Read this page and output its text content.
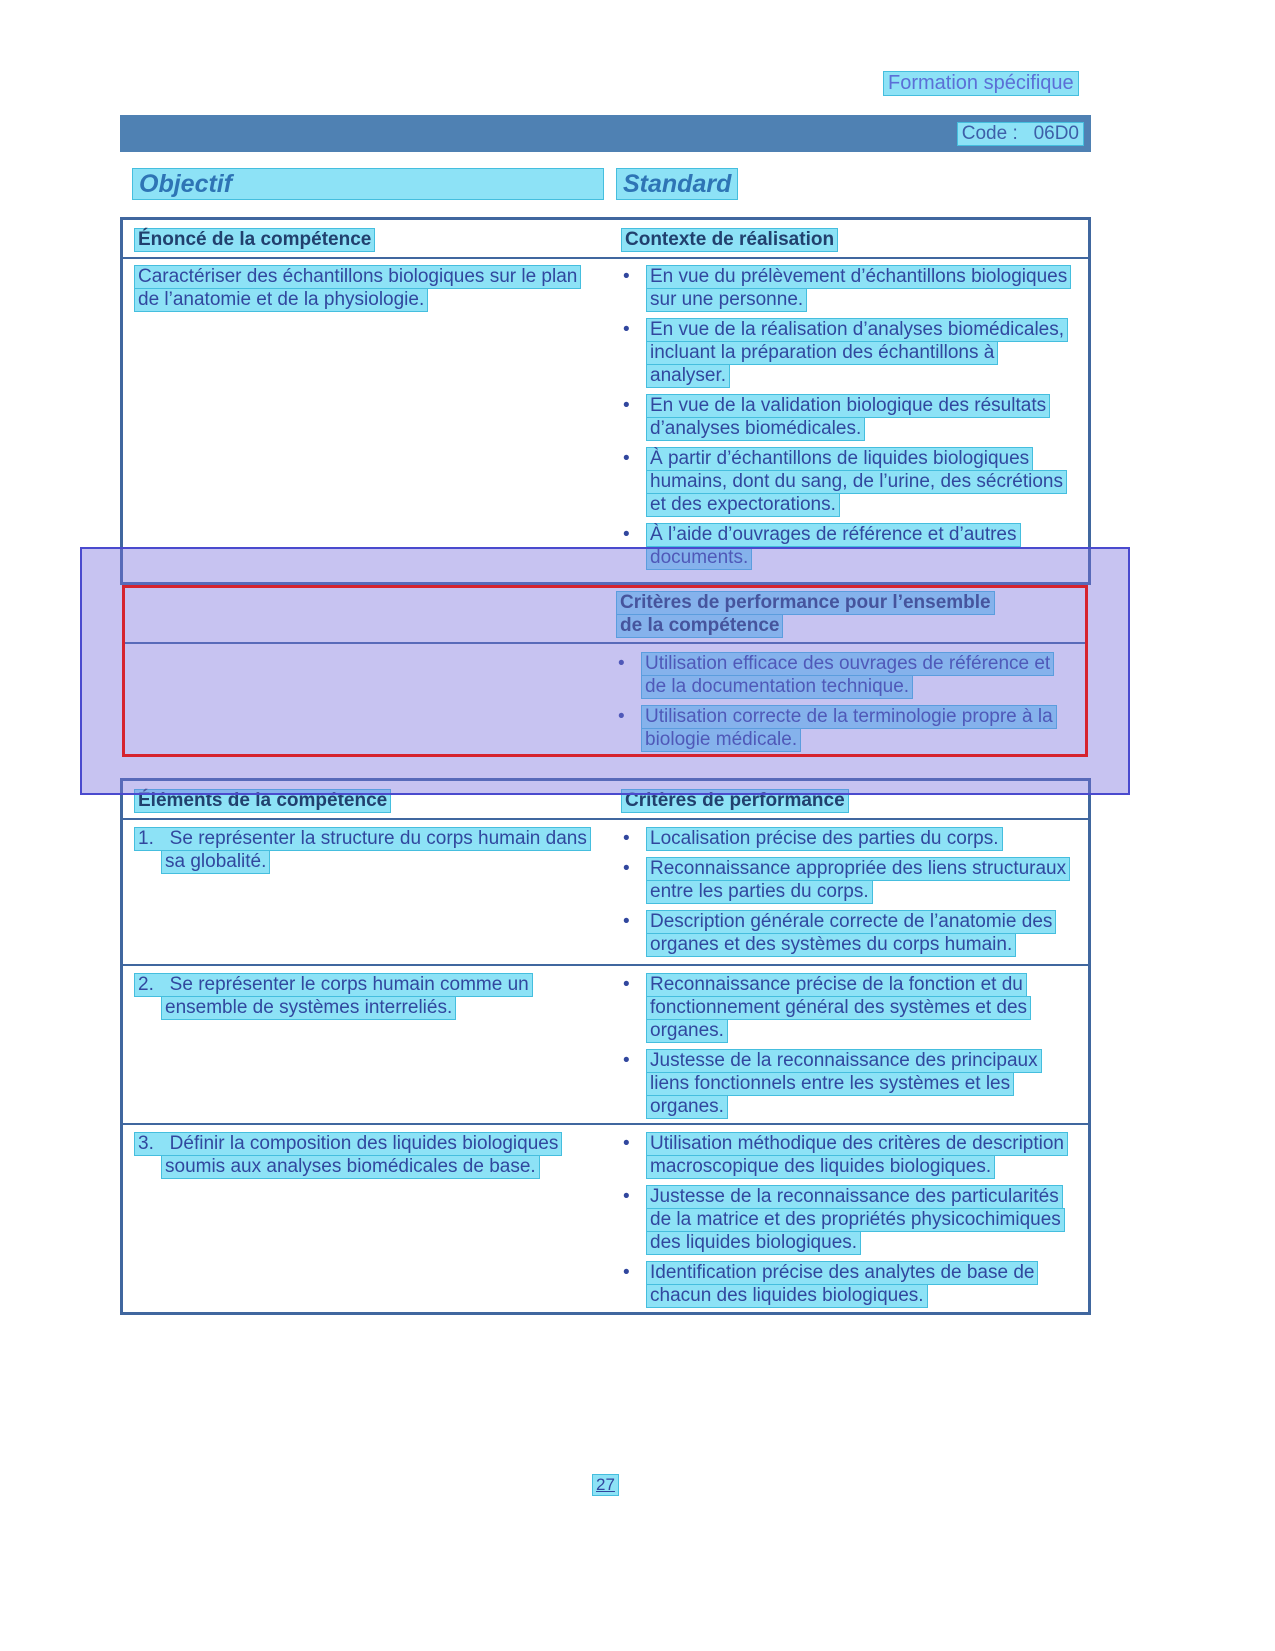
Formation spécifique
Code :   06D0
Objectif	Standard
Énoncé de la compétence	Contexte de réalisation
Caractériser des échantillons biologiques sur le plan
de l’anatomie et de la physiologie.
•	En vue du prélèvement d’échantillons biologiques
sur une personne.
•	En vue de la réalisation d’analyses biomédicales,
incluant la préparation des échantillons à
analyser.
•	En vue de la validation biologique des résultats
d’analyses biomédicales.
•	À partir d’échantillons de liquides biologiques
humains, dont du sang, de l’urine, des sécrétions
et des expectorations.
•	À l’aide d’ouvrages de référence et d’autres
documents.
Critères de performance pour l’ensemble
de la compétence
•	Utilisation efficace des ouvrages de référence et
de la documentation technique.
•	Utilisation correcte de la terminologie propre à la
biologie médicale.
Éléments de la compétence	Critères de performance
1.   Se représenter la structure du corps humain dans
sa globalité.
•	Localisation précise des parties du corps.
•	Reconnaissance appropriée des liens structuraux
entre les parties du corps.
•	Description générale correcte de l’anatomie des
organes et des systèmes du corps humain.
2.   Se représenter le corps humain comme un
ensemble de systèmes interreliés.
•	Reconnaissance précise de la fonction et du
fonctionnement général des systèmes et des
organes.
•	Justesse de la reconnaissance des principaux
liens fonctionnels entre les systèmes et les
organes.
3.   Définir la composition des liquides biologiques
soumis aux analyses biomédicales de base.
•	Utilisation méthodique des critères de description
macroscopique des liquides biologiques.
•	Justesse de la reconnaissance des particularités
de la matrice et des propriétés physicochimiques
des liquides biologiques.
•	Identification précise des analytes de base de
chacun des liquides biologiques.
27
